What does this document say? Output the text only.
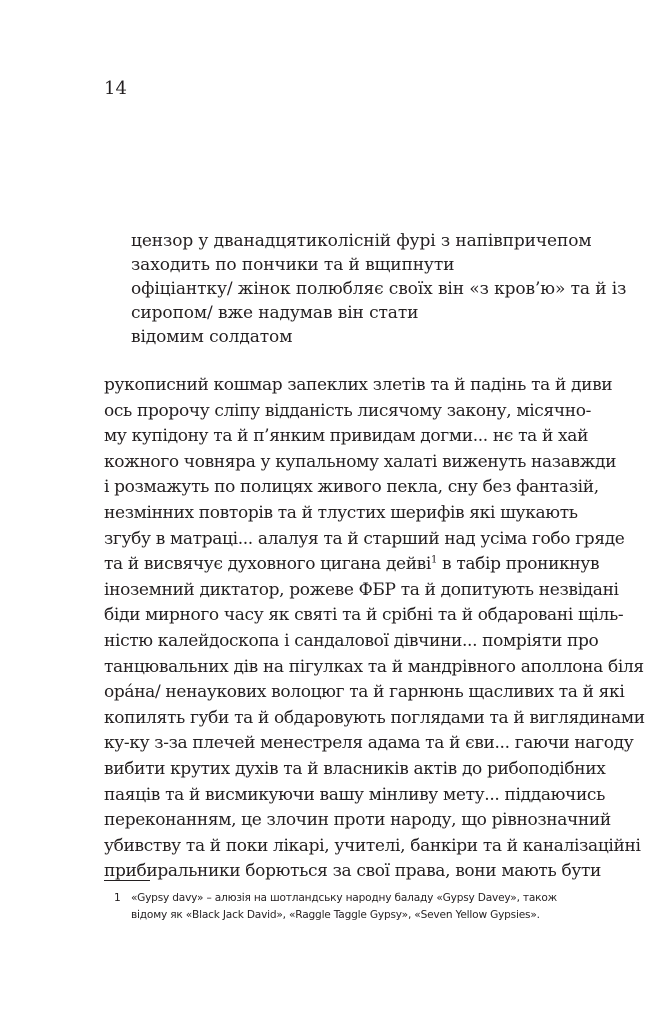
14
цензор у дванадцятиколісній фурі з напівпричепом
заходить по пончики та й вщипнути
офіціантку/ жінок полюбляє своїх він «з кров’ю» та й із
сиропом/ вже надумав він стати
відомим солдатом
рукописний кошмар запеклих злетів та й падінь та й диви
ось пророчу сліпу відданість лисячому закону, місячно-
му купідону та й п’янким привидам догми... нє та й хай
кожного човняра у купальному халаті виженуть назавжди
і розмажуть по полицях живого пекла, сну без фантазій,
незмінних повторів та й тлустих шерифів які шукають
згубу в матраці... алалуя та й старший над усіма гобо гряде
та й висвячує духовного цигана дейві$^1$ в табір проникнув
іноземний диктатор, рожеве ФБР та й допитують незвідані
біди мирного часу як святі та й срібні та й обдаровані щіль-
ністю калейдоскопа і сандалової дівчини... помріяти про
танцювальних дів на пігулках та й мандрівного аполлона біля
ора́на/ ненаукових волоцюг та й гарнюнь щасливих та й які
копилять губи та й обдаровують поглядами та й виглядинами
ку-ку з-за плечей менестреля адама та й єви... гаючи нагоду
вибити крутих духів та й власників актів до рибоподібних
паяців та й висмикуючи вашу мінливу мету... піддаючись
переконанням, це злочин проти народу, що рівнозначний
убивству та й поки лікарі, учителі, банкіри та й каналізаційні
прибиральники борються за свої права, вони мають бути
1 «Gypsy davy» – алюзія на шотландську народну баладу «Gypsy Davey», також
відому як «Black Jack David», «Raggle Taggle Gypsy», «Seven Yellow Gypsies».
